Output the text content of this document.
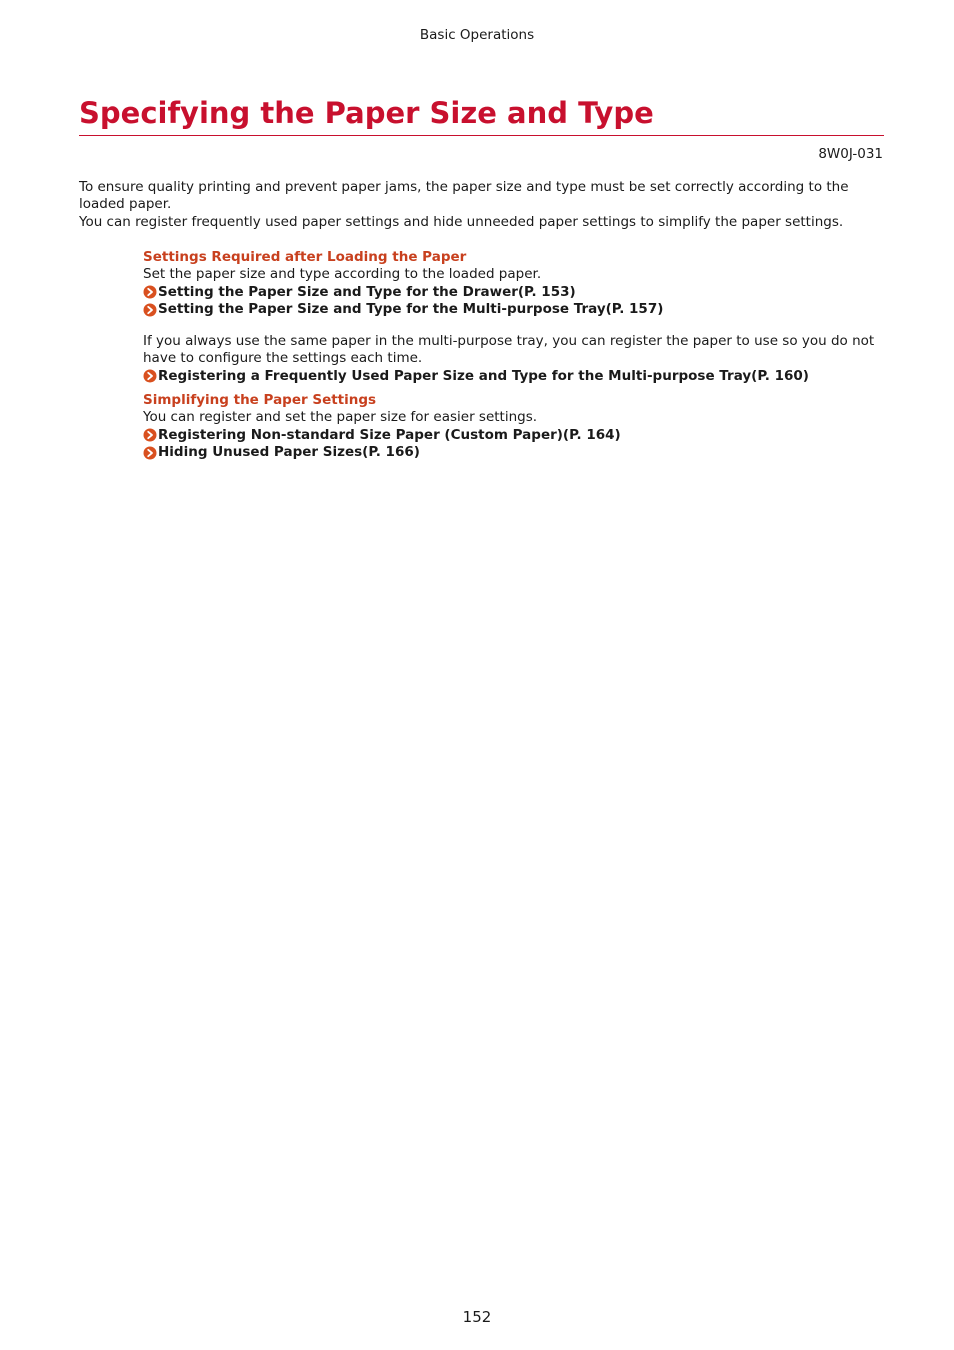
Basic Operations
Specifying the Paper Size and Type
8W0J-031

To ensure quality printing and prevent paper jams, the paper size and type must be set correctly according to the loaded paper.

You can register frequently used paper settings and hide unneeded paper settings to simplify the paper settings.

Settings Required after Loading the Paper

Set the paper size and type according to the loaded paper.

Setting the Paper Size and Type for the Drawer(P. 153)
Setting the Paper Size and Type for the Multi-purpose Tray(P. 157)

If you always use the same paper in the multi-purpose tray, you can register the paper to use so you do not have to configure the settings each time.

Registering a Frequently Used Paper Size and Type for the Multi-purpose Tray(P. 160)

Simplifying the Paper Settings

You can register and set the paper size for easier settings.

Registering Non-standard Size Paper (Custom Paper)(P. 164)
Hiding Unused Paper Sizes(P. 166)
152
